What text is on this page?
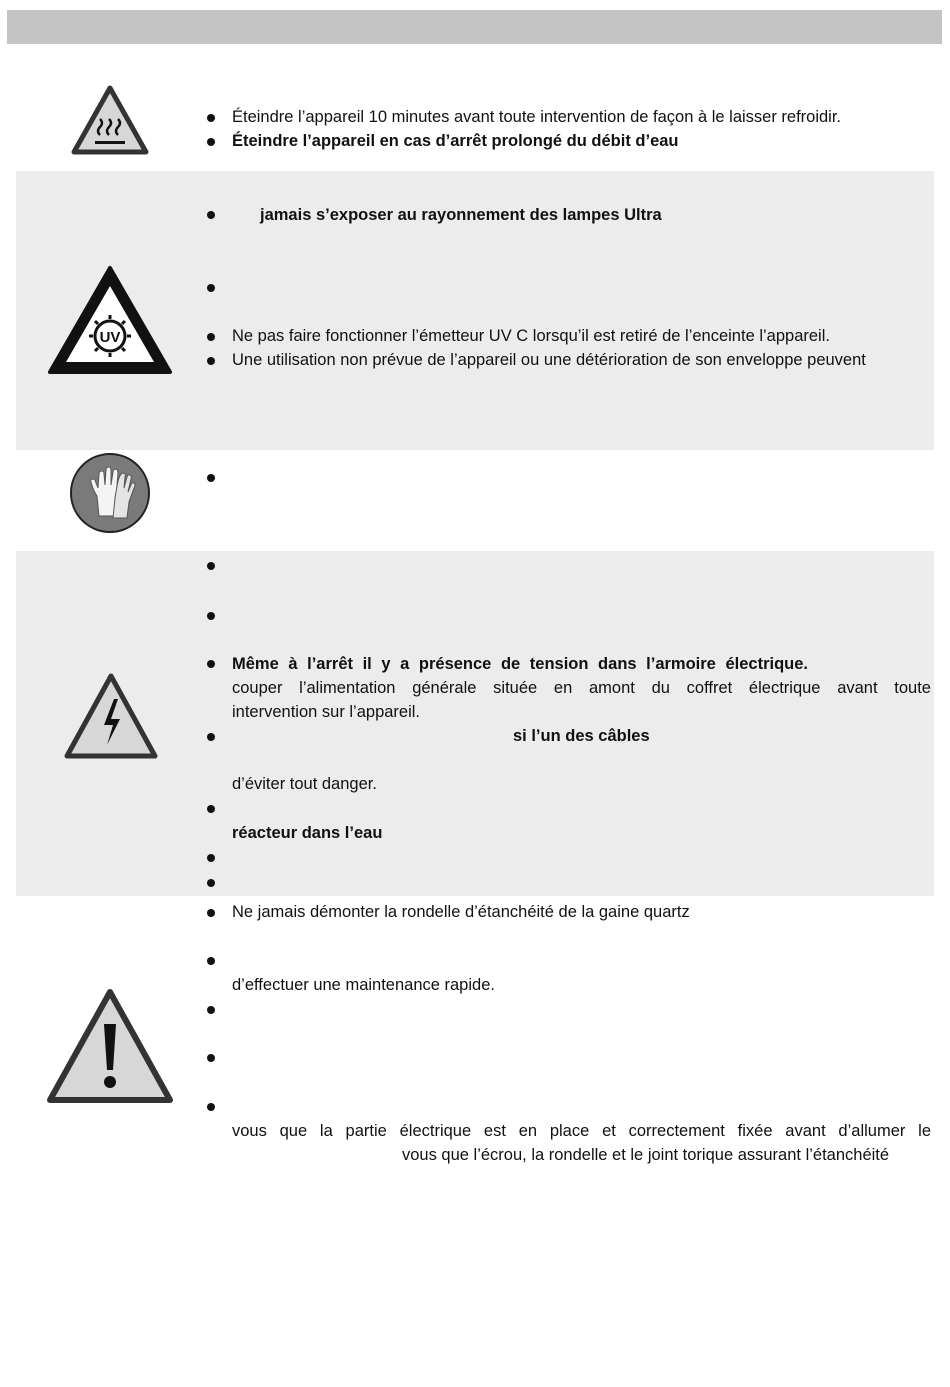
Éteindre l’appareil 10 minutes avant toute intervention de façon à le laisser refroidir.
Éteindre l’appareil en cas d’arrêt prolongé du débit d’eau
UV
jamais s’exposer au rayonnement des lampes Ultra
Ne pas faire fonctionner l’émetteur UV C lorsqu’il est retiré de l’enceinte l’appareil.
Une utilisation non prévue de l’appareil ou une détérioration de son enveloppe peuvent
Même à l’arrêt il y a présence de tension dans l’armoire électrique.
couper l’alimentation générale située en amont du coffret électrique avant toute
intervention sur l’appareil.
si l’un des câbles
d’éviter tout danger.
réacteur dans l’eau
Ne jamais démonter la rondelle d’étanchéité de la gaine quartz
d’effectuer une maintenance rapide.
vous que la partie électrique est en place et correctement fixée avant d’allumer le
vous que l’écrou, la rondelle et le joint torique assurant l’étanchéité
